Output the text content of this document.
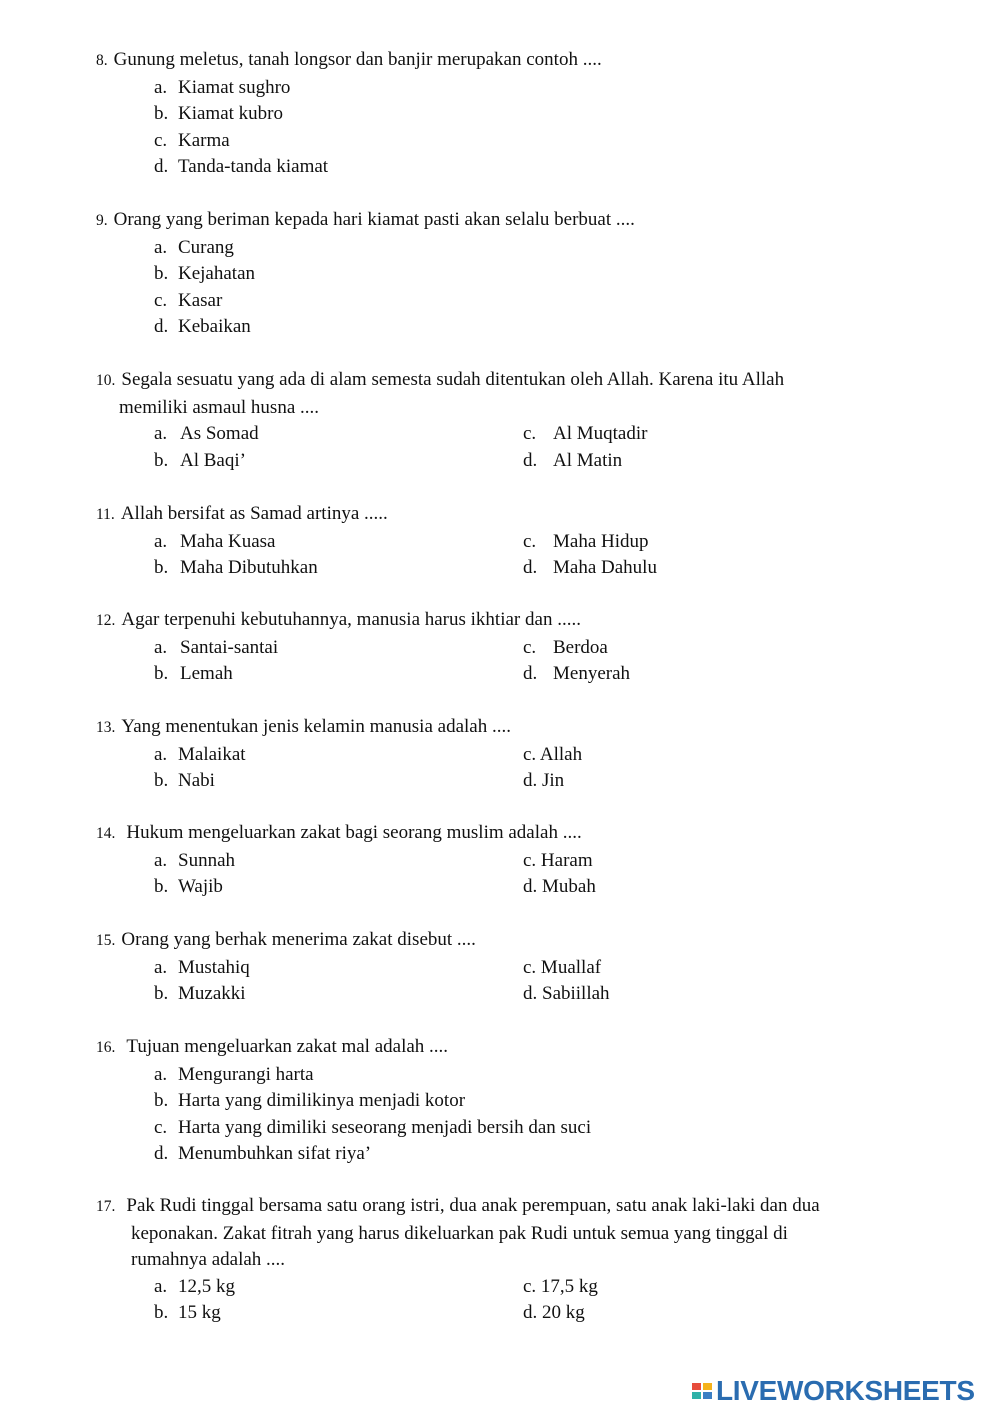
8. Gunung meletus, tanah longsor dan banjir merupakan contoh ....
a. Kiamat sughro
b. Kiamat kubro
c. Karma
d. Tanda-tanda kiamat
9. Orang yang beriman kepada hari kiamat pasti akan selalu berbuat ....
a. Curang
b. Kejahatan
c. Kasar
d. Kebaikan
10. Segala sesuatu yang ada di alam semesta sudah ditentukan oleh Allah. Karena itu Allah
memiliki asmaul husna ....
a. As Somad	c. Al Muqtadir
b. Al Baqi’	d. Al Matin
11. Allah bersifat as Samad artinya .....
a. Maha Kuasa	c. Maha Hidup
b. Maha Dibutuhkan	d. Maha Dahulu
12. Agar terpenuhi kebutuhannya, manusia harus ikhtiar dan .....
a. Santai-santai	c. Berdoa
b. Lemah	d. Menyerah
13. Yang menentukan jenis kelamin manusia adalah ....
a. Malaikat	c. Allah
b. Nabi	d. Jin
14. Hukum mengeluarkan zakat bagi seorang muslim adalah ....
a. Sunnah	c. Haram
b. Wajib	d. Mubah
15. Orang yang berhak menerima zakat disebut ....
a. Mustahiq	c. Muallaf
b. Muzakki	d. Sabiillah
16. Tujuan mengeluarkan zakat mal adalah ....
a. Mengurangi harta
b. Harta yang dimilikinya menjadi kotor
c. Harta yang dimiliki seseorang menjadi bersih dan suci
d. Menumbuhkan sifat riya’
17. Pak Rudi tinggal bersama satu orang istri, dua anak perempuan, satu anak laki-laki dan dua
keponakan. Zakat fitrah yang harus dikeluarkan pak Rudi untuk semua yang tinggal di
rumahnya adalah ....
a. 12,5 kg	c. 17,5 kg
b. 15 kg	d. 20 kg
LIVEWORKSHEETS
